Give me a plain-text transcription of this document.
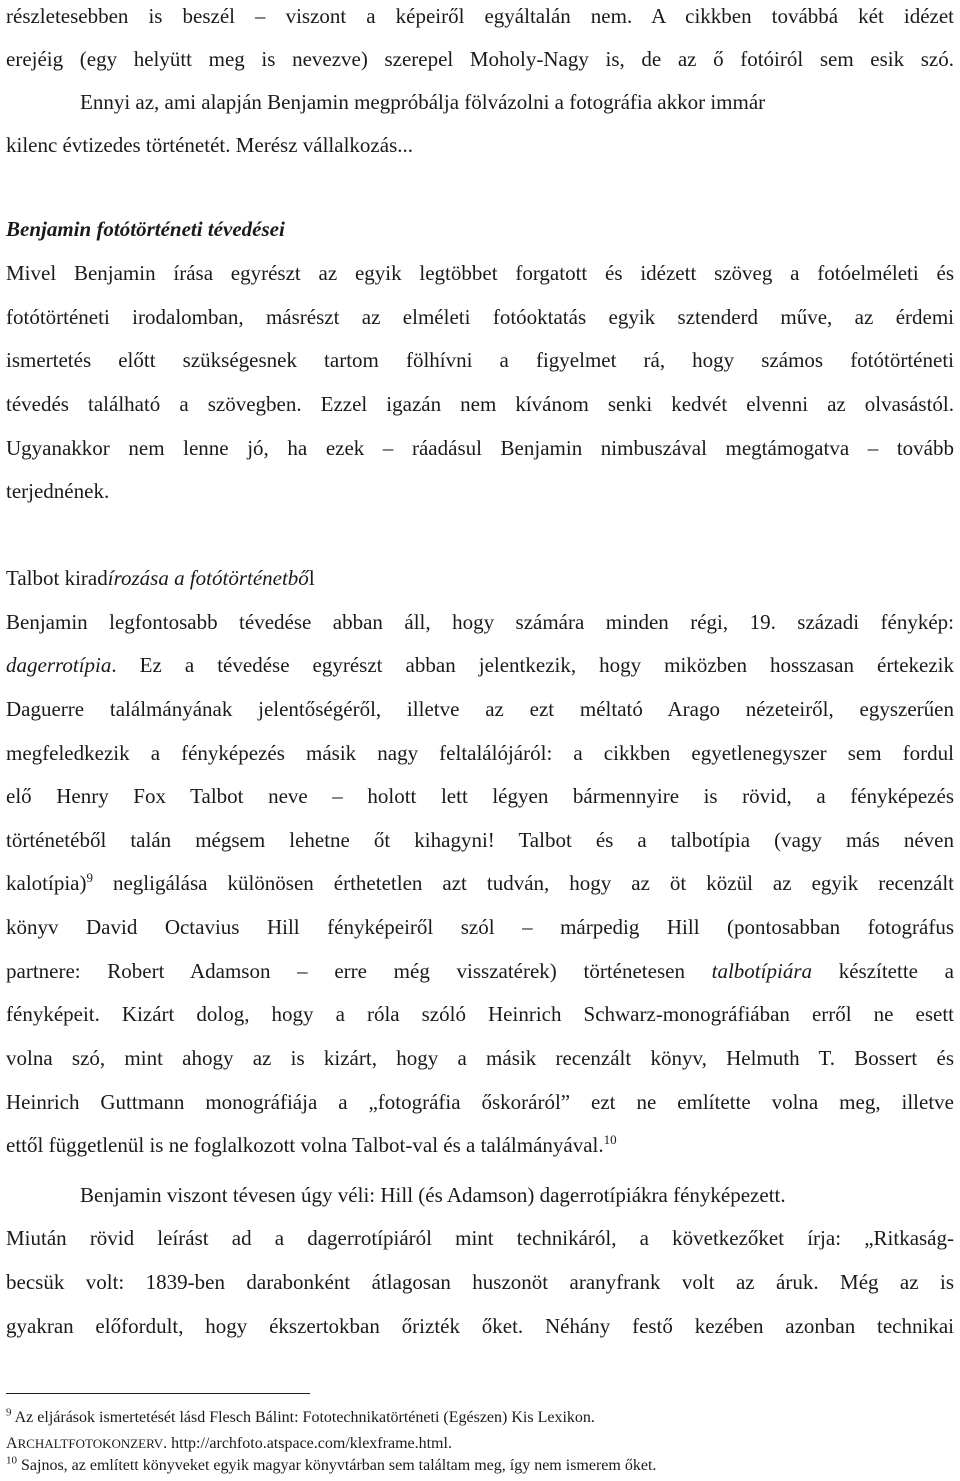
részletesebben is beszél – viszont a képeiről egyáltalán nem. A cikkben továbbá két idézet
erejéig (egy helyütt meg is nevezve) szerepel Moholy-Nagy is, de az ő fotóiról sem esik szó.
Ennyi az, ami alapján Benjamin megpróbálja fölvázolni a fotográfia akkor immár
kilenc évtizedes történetét. Merész vállalkozás...
Benjamin fotótörténeti tévedései
Mivel Benjamin írása egyrészt az egyik legtöbbet forgatott és idézett szöveg a fotóelméleti és
fotótörténeti irodalomban, másrészt az elméleti fotóoktatás egyik sztenderd műve, az érdemi
ismertetés előtt szükségesnek tartom fölhívni a figyelmet rá, hogy számos fotótörténeti
tévedés található a szövegben. Ezzel igazán nem kívánom senki kedvét elvenni az olvasástól.
Ugyanakkor nem lenne jó, ha ezek – ráadásul Benjamin nimbuszával megtámogatva – tovább
terjednének.
Talbot kiradírozása a fotótörténetből
Benjamin legfontosabb tévedése abban áll, hogy számára minden régi, 19. századi fénykép:
dagerrotípia. Ez a tévedése egyrészt abban jelentkezik, hogy miközben hosszasan értekezik
Daguerre találmányának jelentőségéről, illetve az ezt méltató Arago nézeteiről, egyszerűen
megfeledkezik a fényképezés másik nagy feltalálójáról: a cikkben egyetlenegyszer sem fordul
elő Henry Fox Talbot neve – holott lett légyen bármennyire is rövid, a fényképezés
történetéből talán mégsem lehetne őt kihagyni! Talbot és a talbotípia (vagy más néven
kalotípia)$^9$ negligálása különösen érthetetlen azt tudván, hogy az öt közül az egyik recenzált
könyv David Octavius Hill fényképeiről szól – márpedig Hill (pontosabban fotográfus
partnere: Robert Adamson – erre még visszatérek) történetesen talbotípiára készítette a
fényképeit. Kizárt dolog, hogy a róla szóló Heinrich Schwarz-monográfiában erről ne esett
volna szó, mint ahogy az is kizárt, hogy a másik recenzált könyv, Helmuth T. Bossert és
Heinrich Guttmann monográfiája a „fotográfia őskoráról” ezt ne említette volna meg, illetve
ettől függetlenül is ne foglalkozott volna Talbot-val és a találmányával.$^{10}$
Benjamin viszont tévesen úgy véli: Hill (és Adamson) dagerrotípiákra fényképezett.
Miután rövid leírást ad a dagerrotípiáról mint technikáról, a következőket írja: „Ritkaság-
becsük volt: 1839-ben darabonként átlagosan huszonöt aranyfrank volt az áruk. Még az is
gyakran előfordult, hogy ékszertokban őrizték őket. Néhány festő kezében azonban technikai
$^9$ Az eljárások ismertetését lásd Flesch Bálint: Fototechnikatörténeti (Egészen) Kis Lexikon.
ARCHALTFOTOKONZERV. http://archfoto.atspace.com/klexframe.html.
$^{10}$ Sajnos, az említett könyveket egyik magyar könyvtárban sem találtam meg, így nem ismerem őket.
